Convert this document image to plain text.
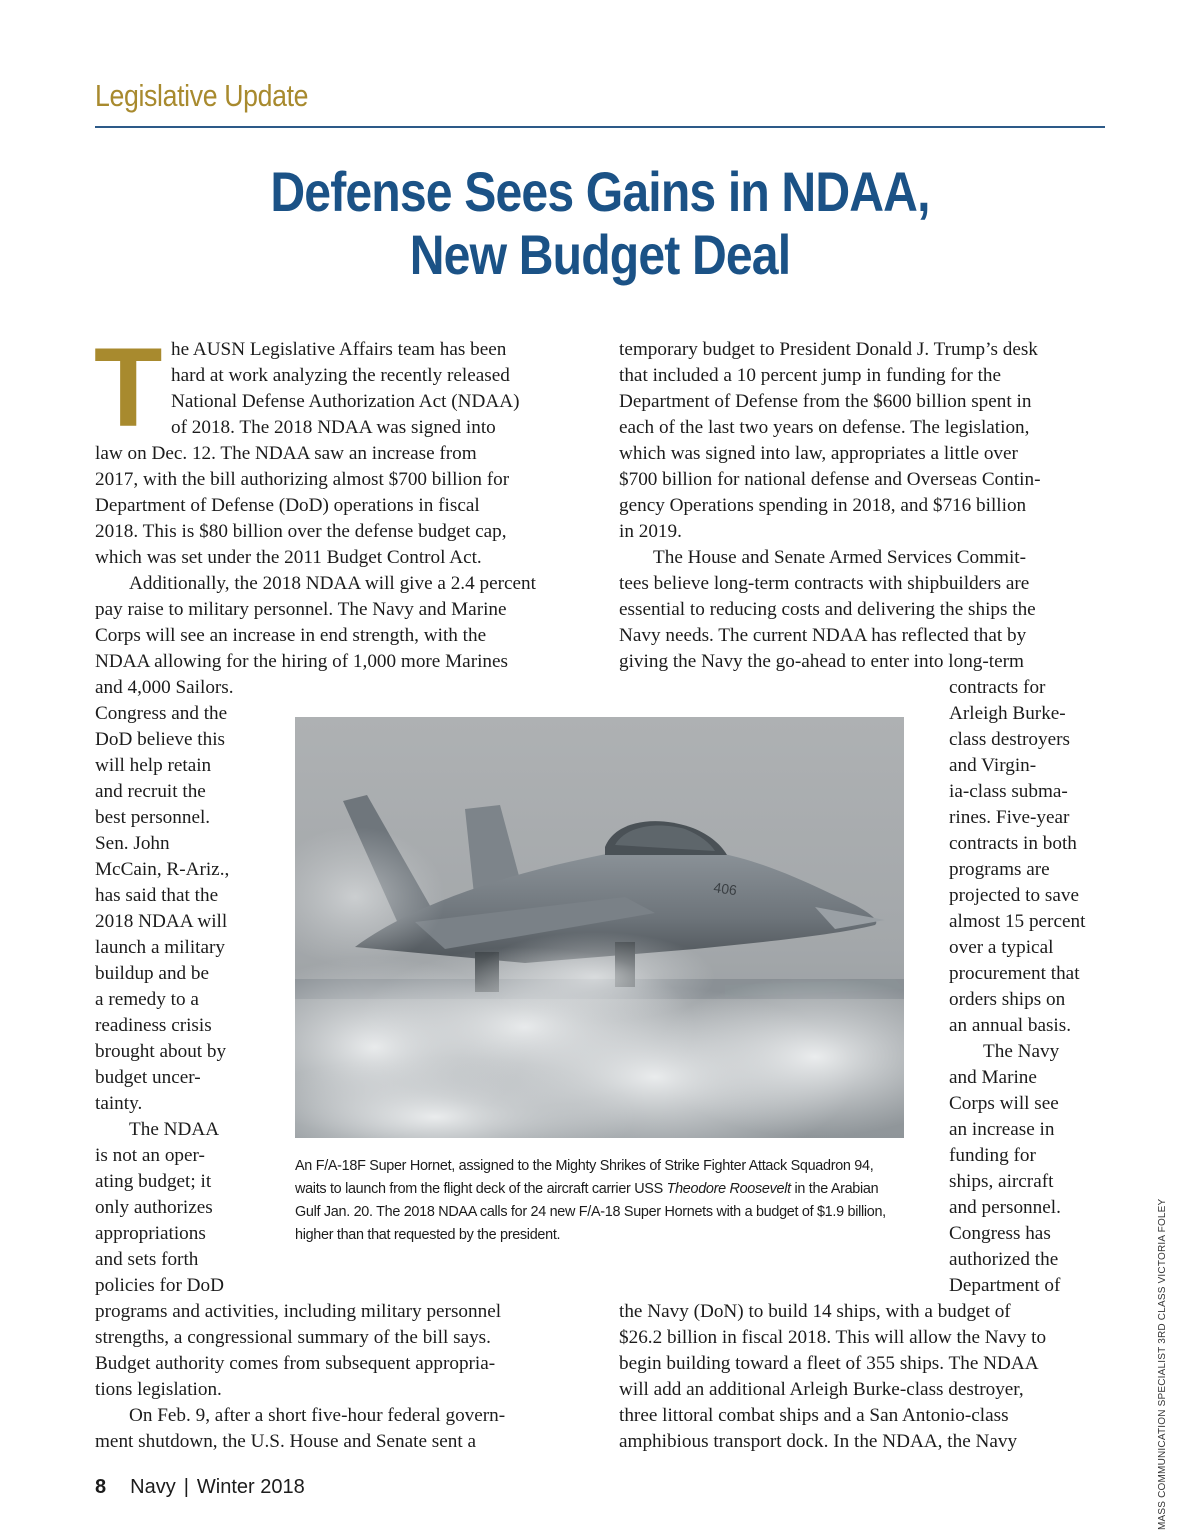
Legislative Update
Defense Sees Gains in NDAA,
New Budget Deal
T he AUSN Legislative Affairs team has been
hard at work analyzing the recently released
National Defense Authorization Act (NDAA)
of 2018. The 2018 NDAA was signed into
law on Dec. 12. The NDAA saw an increase from
2017, with the bill authorizing almost $700 billion for
Department of Defense (DoD) operations in fiscal
2018. This is $80 billion over the defense budget cap,
which was set under the 2011 Budget Control Act.
Additionally, the 2018 NDAA will give a 2.4 percent
pay raise to military personnel. The Navy and Marine
Corps will see an increase in end strength, with the
NDAA allowing for the hiring of 1,000 more Marines
and 4,000 Sailors.
Congress and the
DoD believe this
will help retain
and recruit the
best personnel.
Sen. John
McCain, R-Ariz.,
has said that the
2018 NDAA will
launch a military
buildup and be
a remedy to a
readiness crisis
brought about by
budget uncer-
tainty.
The NDAA
is not an oper-
ating budget; it
only authorizes
appropriations
and sets forth
policies for DoD
programs and activities, including military personnel
strengths, a congressional summary of the bill says.
Budget authority comes from subsequent appropria-
tions legislation.
On Feb. 9, after a short five-hour federal govern-
ment shutdown, the U.S. House and Senate sent a
temporary budget to President Donald J. Trump’s desk
that included a 10 percent jump in funding for the
Department of Defense from the $600 billion spent in
each of the last two years on defense. The legislation,
which was signed into law, appropriates a little over
$700 billion for national defense and Overseas Contin-
gency Operations spending in 2018, and $716 billion
in 2019.
The House and Senate Armed Services Commit-
tees believe long-term contracts with shipbuilders are
essential to reducing costs and delivering the ships the
Navy needs. The current NDAA has reflected that by
giving the Navy the go-ahead to enter into long-term
contracts for
Arleigh Burke-
class destroyers
and Virgin-
ia-class subma-
rines. Five-year
contracts in both
programs are
projected to save
almost 15 percent
over a typical
procurement that
orders ships on
an annual basis.
The Navy
and Marine
Corps will see
an increase in
funding for
ships, aircraft
and personnel.
Congress has
authorized the
Department of
the Navy (DoN) to build 14 ships, with a budget of
$26.2 billion in fiscal 2018. This will allow the Navy to
begin building toward a fleet of 355 ships. The NDAA
will add an additional Arleigh Burke-class destroyer,
three littoral combat ships and a San Antonio-class
amphibious transport dock. In the NDAA, the Navy
406
An F/A-18F Super Hornet, assigned to the Mighty Shrikes of Strike Fighter Attack Squadron 94, waits to launch from the flight deck of the aircraft carrier USS Theodore Roosevelt in the Arabian Gulf Jan. 20. The 2018 NDAA calls for 24 new F/A-18 Super Hornets with a budget of $1.9 billion, higher than that requested by the president.	MASS COMMUNICATION SPECIALIST 3RD CLASS VICTORIA FOLEY
8 Navy | Winter 2018
